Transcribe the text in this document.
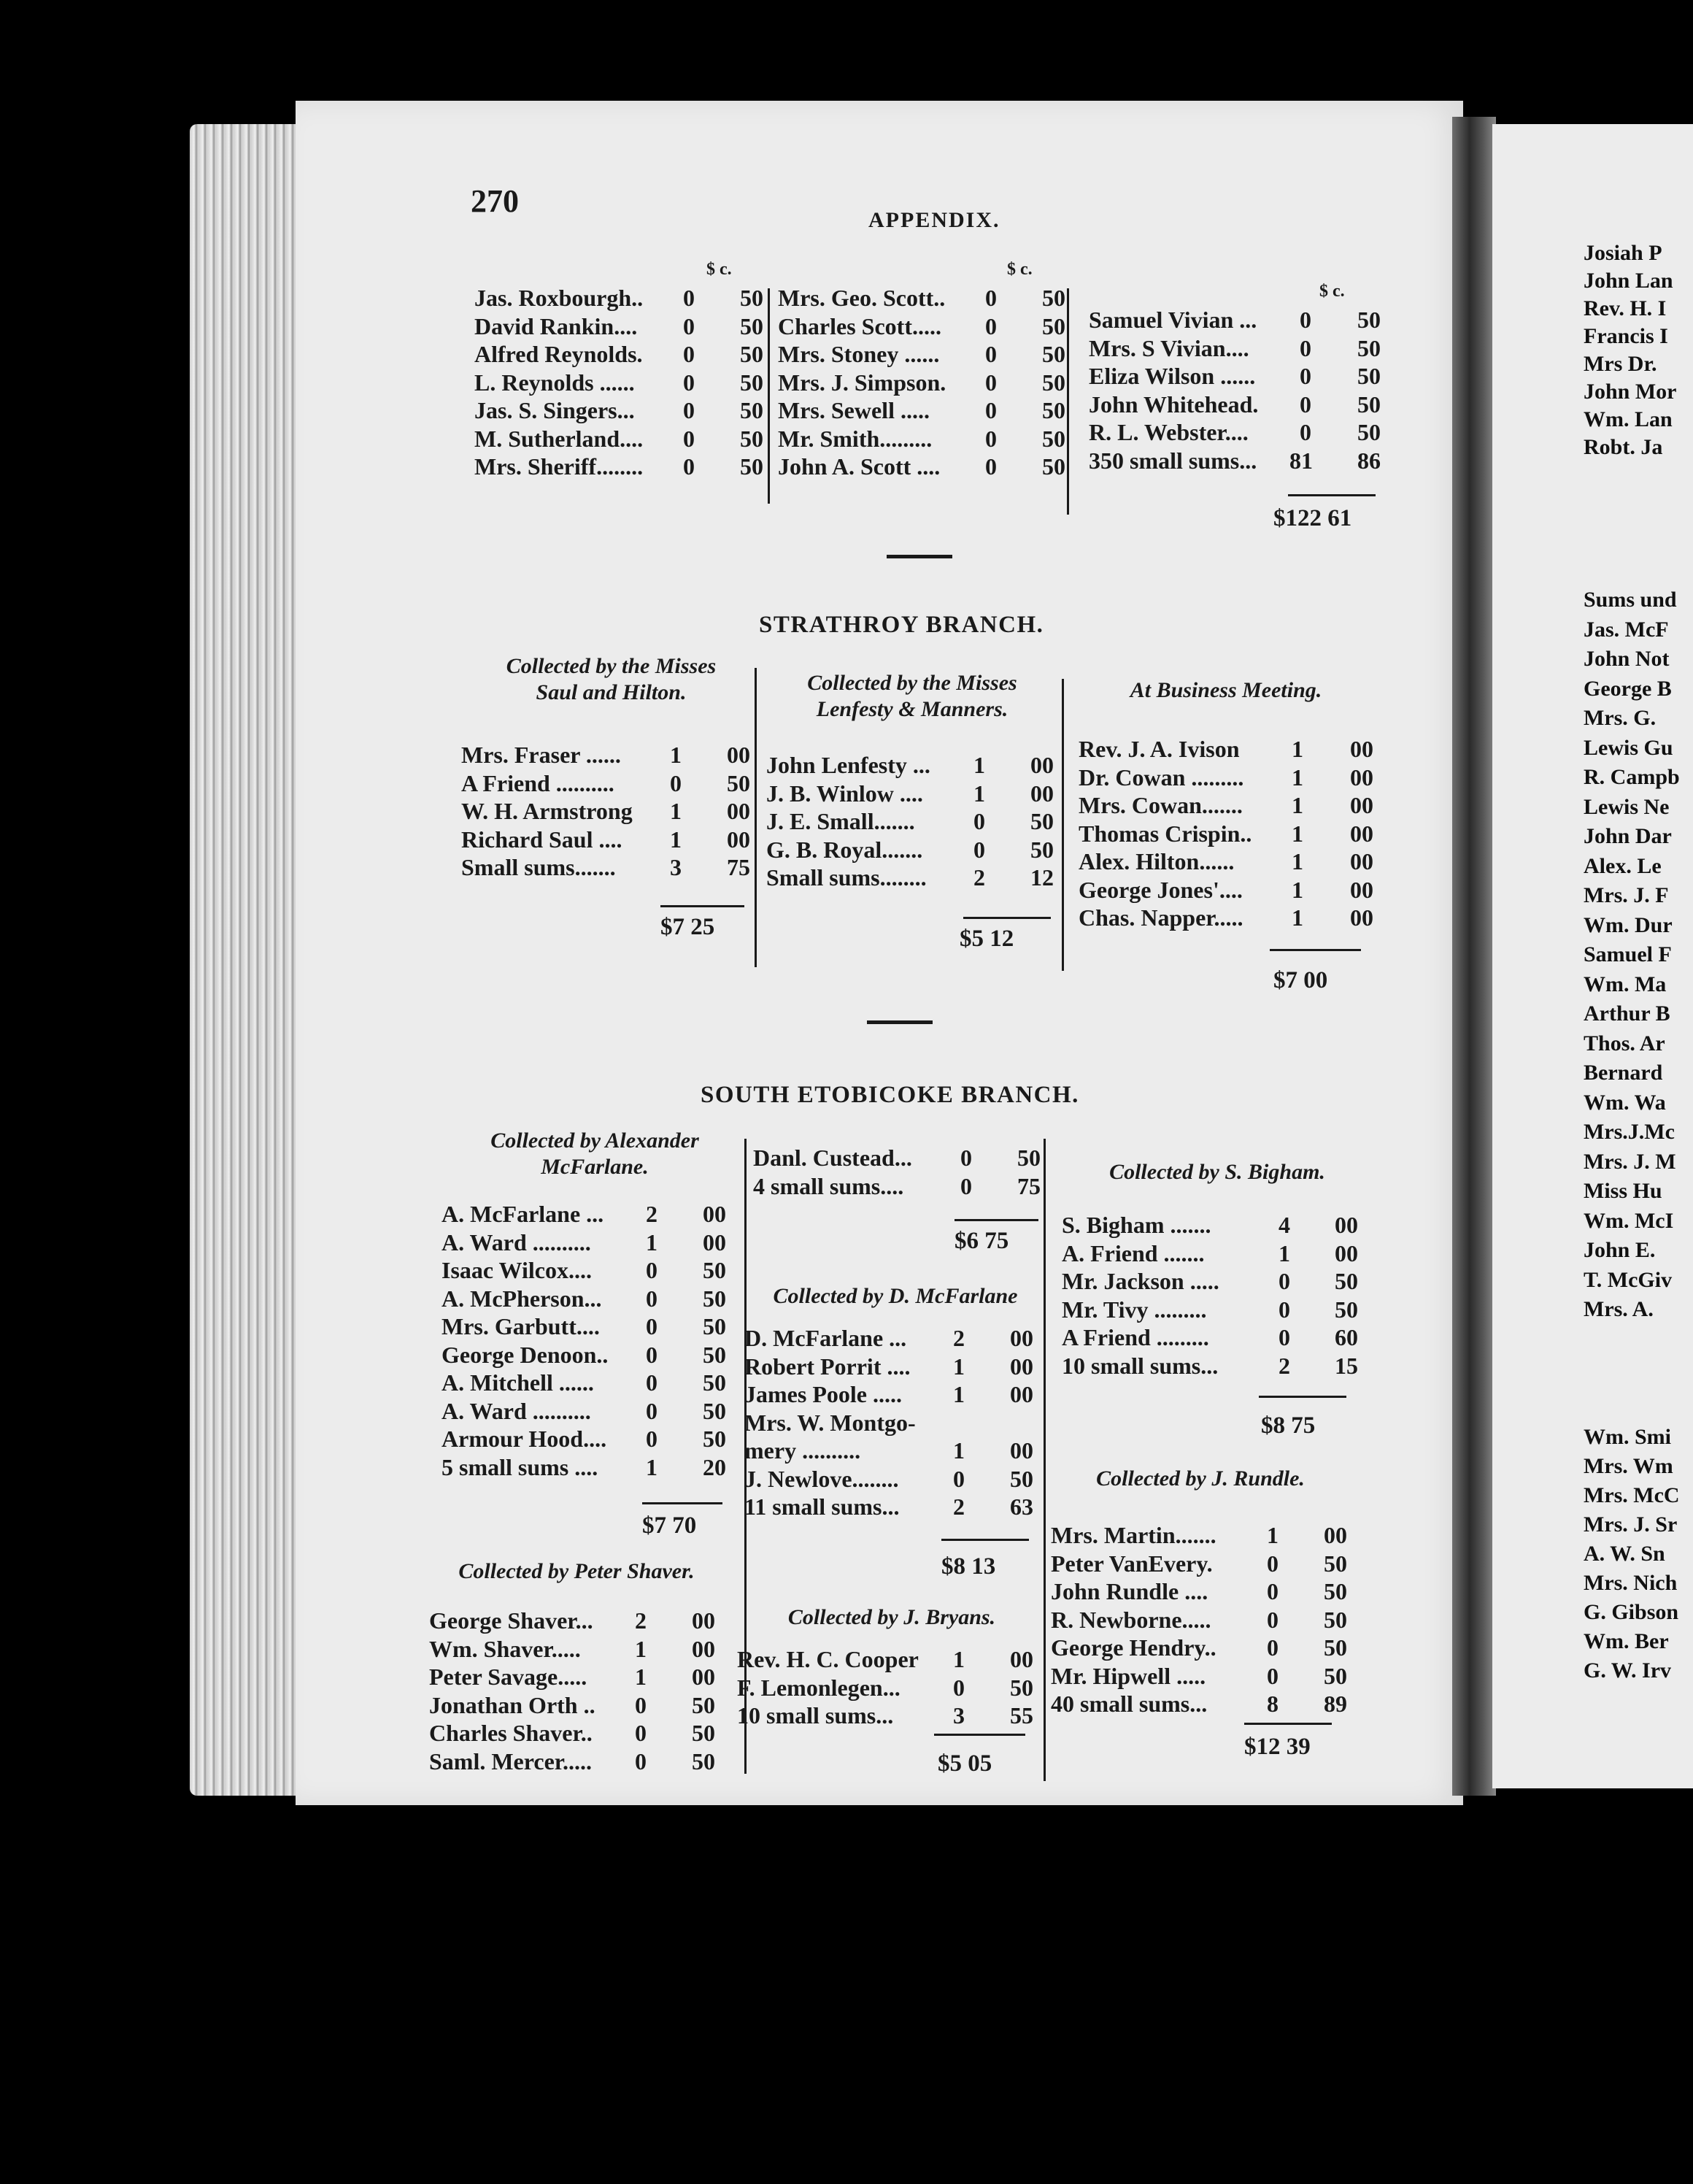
Josiah P
John Lan
Rev. H. I
Francis I
Mrs Dr.
John Mor
Wm. Lan
Robt. Ja
Sums und
Jas. McF
John Not
George B
Mrs. G.
Lewis Gu
R. Campb
Lewis Ne
John Dar
Alex. Le
Mrs. J. F
Wm. Dur
Samuel F
Wm. Ma
Arthur B
Thos. Ar
Bernard
Wm. Wa
Mrs.J.Mc
Mrs. J. M
Miss Hu
Wm. McI
John E.
T. McGiv
Mrs. A.
Wm. Smi
Mrs. Wm
Mrs. McC
Mrs. J. Sr
A. W. Sn
Mrs. Nich
G. Gibson
Wm. Ber
G. W. Irv
270
APPENDIX.
$ c.	$ c.
$ c.
Jas. Roxbourgh..	0	50
David Rankin....	0	50
Alfred Reynolds.	0	50
L. Reynolds ......	0	50
Jas. S. Singers...	0	50
M. Sutherland....	0	50
Mrs. Sheriff........	0	50
Mrs. Geo. Scott..	0	50
Charles Scott.....	0	50
Mrs. Stoney ......	0	50
Mrs. J. Simpson.	0	50
Mrs. Sewell .....	0	50
Mr. Smith.........	0	50
John A. Scott ....	0	50
Samuel Vivian ...	0	50
Mrs. S Vivian....	0	50
Eliza Wilson ......	0	50
John Whitehead.	0	50
R. L. Webster....	0	50
350 small sums... 81	86
$122 61
STRATHROY BRANCH.
Collected by the Misses
Saul and Hilton.
Mrs. Fraser ......	1	00
A Friend ..........	0	50
W. H. Armstrong	1	00
Richard Saul ....	1	00
Small sums.......	3	75
$7 25
Collected by the Misses
Lenfesty & Manners.
John Lenfesty ...	1	00
J. B. Winlow ....	1	00
J. E. Small.......	0	50
G. B. Royal.......	0	50
Small sums........	2	12
$5 12
At Business Meeting.
Rev. J. A. Ivison	1	00
Dr. Cowan .........	1	00
Mrs. Cowan.......	1	00
Thomas Crispin..	1	00
Alex. Hilton......	1	00
George Jones'....	1	00
Chas. Napper.....	1	00
$7 00
SOUTH ETOBICOKE BRANCH.
Collected by Alexander
McFarlane.
A. McFarlane ...	2	00
A. Ward ..........	1	00
Isaac Wilcox....	0	50
A. McPherson...	0	50
Mrs. Garbutt....	0	50
George Denoon..	0	50
A. Mitchell ......	0	50
A. Ward ..........	0	50
Armour Hood....	0	50
5 small sums ....	1	20
$7 70
Collected by Peter Shaver.
George Shaver...	2	00
Wm. Shaver.....	1	00
Peter Savage.....	1	00
Jonathan Orth ..	0	50
Charles Shaver..	0	50
Saml. Mercer.....	0	50
Danl. Custead...	0	50
4 small sums....	0	75
$6 75
Collected by D. McFarlane
D. McFarlane ...	2	00
Robert Porrit ....	1	00
James Poole .....	1	00
Mrs. W. Montgo-
mery ..........	1	00
J. Newlove........	0	50
11 small sums...	2	63
$8 13
Collected by J. Bryans.
Rev. H. C. Cooper	1	00
F. Lemonlegen...	0	50
10 small sums...	3	55
$5 05
Collected by S. Bigham.
S. Bigham .......	4	00
A. Friend .......	1	00
Mr. Jackson .....	0	50
Mr. Tivy .........	0	50
A Friend .........	0	60
10 small sums...	2	15
$8 75
Collected by J. Rundle.
Mrs. Martin.......	1	00
Peter VanEvery.	0	50
John Rundle ....	0	50
R. Newborne.....	0	50
George Hendry..	0	50
Mr. Hipwell .....	0	50
40 small sums...	8	89
$12 39
